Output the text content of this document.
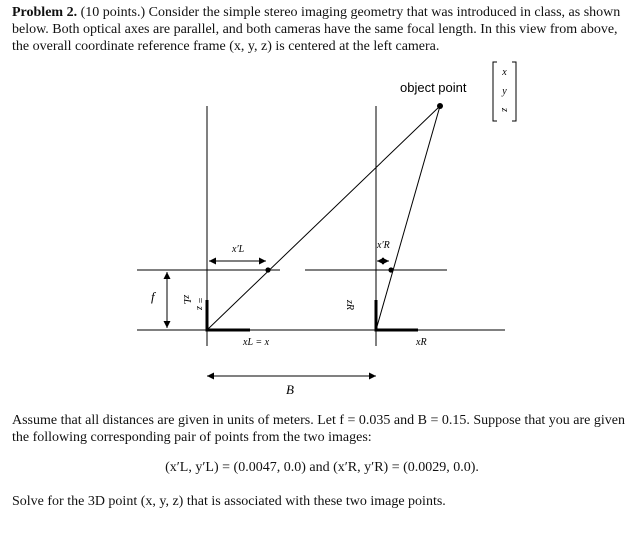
Problem 2. (10 points.) Consider the simple stereo imaging geometry that was introduced in class, as shown below. Both optical axes are parallel, and both cameras have the same focal length. In this view from above, the overall coordinate reference frame (x, y, z) is centered at the left camera.

object point
x
y
z
x′L	x′R
f	zL = z	zR
xL = x	xR
B

Assume that all distances are given in units of meters. Let f = 0.035 and B = 0.15. Suppose that you are given the following corresponding pair of points from the two images:

(x′L, y′L) = (0.0047, 0.0) and (x′R, y′R) = (0.0029, 0.0).

Solve for the 3D point (x, y, z) that is associated with these two image points.
